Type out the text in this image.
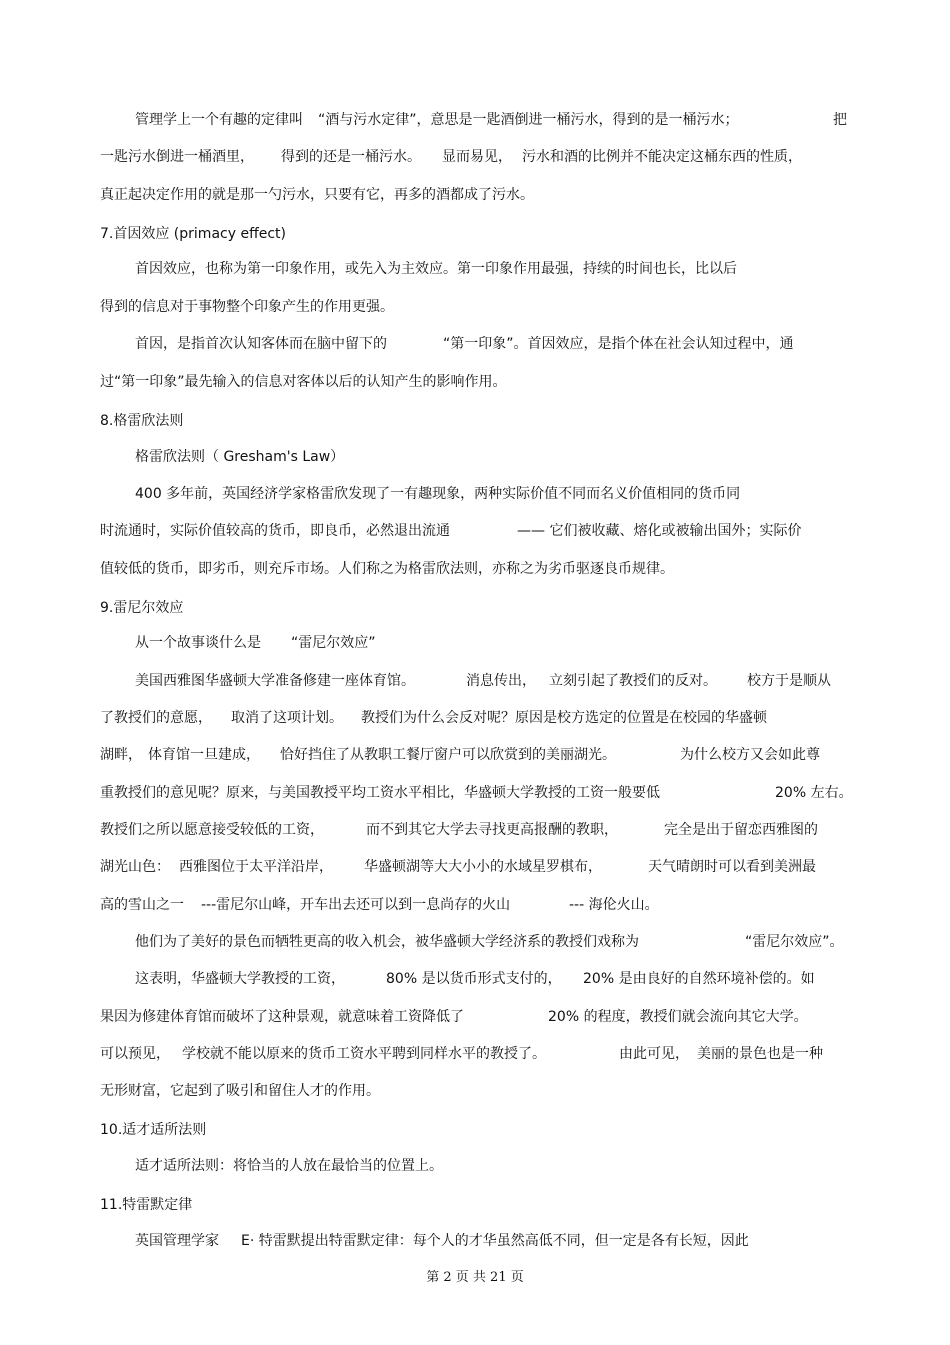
管理学上一个有趣的定律叫 “酒与污水定律”，意思是一匙酒倒进一桶污水，得到的是一桶污水；	把
一匙污水倒进一桶酒里， 得到的还是一桶污水。 显而易见， 污水和酒的比例并不能决定这桶东西的性质，
真正起决定作用的就是那一勺污水，只要有它，再多的酒都成了污水。
7.首因效应 (primacy effect)
首因效应，也称为第一印象作用，或先入为主效应。第一印象作用最强，持续的时间也长，比以后
得到的信息对于事物整个印象产生的作用更强。
首因，是指首次认知客体而在脑中留下的	“第一印象”。首因效应，是指个体在社会认知过程中，通
过“第一印象”最先输入的信息对客体以后的认知产生的影响作用。
8.格雷欣法则
格雷欣法则（ Gresham's Law）
400 多年前，英国经济学家格雷欣发现了一有趣现象，两种实际价值不同而名义价值相同的货币同
时流通时，实际价值较高的货币，即良币，必然退出流通	—— 它们被收藏、熔化或被输出国外；实际价
值较低的货币，即劣币，则充斥市场。人们称之为格雷欣法则，亦称之为劣币驱逐良币规律。
9.雷尼尔效应
从一个故事谈什么是 “雷尼尔效应”
美国西雅图华盛顿大学准备修建一座体育馆。	消息传出， 立刻引起了教授们的反对。 校方于是顺从
了教授们的意愿， 取消了这项计划。 教授们为什么会反对呢？原因是校方选定的位置是在校园的华盛顿
湖畔， 体育馆一旦建成， 恰好挡住了从教职工餐厅窗户可以欣赏到的美丽湖光。	为什么校方又会如此尊
重教授们的意见呢？原来，与美国教授平均工资水平相比，华盛顿大学教授的工资一般要低	20% 左右。
教授们之所以愿意接受较低的工资，	而不到其它大学去寻找更高报酬的教职，	完全是出于留恋西雅图的
湖光山色： 西雅图位于太平洋沿岸， 华盛顿湖等大大小小的水域星罗棋布，	天气晴朗时可以看到美洲最
高的雪山之一 ---雷尼尔山峰，开车出去还可以到一息尚存的火山	--- 海伦火山。
他们为了美好的景色而牺牲更高的收入机会，被华盛顿大学经济系的教授们戏称为	“雷尼尔效应”。
这表明，华盛顿大学教授的工资，	80% 是以货币形式支付的， 20% 是由良好的自然环境补偿的。如
果因为修建体育馆而破坏了这种景观，就意味着工资降低了	20% 的程度，教授们就会流向其它大学。
可以预见， 学校就不能以原来的货币工资水平聘到同样水平的教授了。	由此可见， 美丽的景色也是一种
无形财富，它起到了吸引和留住人才的作用。
10.适才适所法则
适才适所法则：将恰当的人放在最恰当的位置上。
11.特雷默定律
英国管理学家 E· 特雷默提出特雷默定律：每个人的才华虽然高低不同，但一定是各有长短，因此
第 2 页 共 21 页
